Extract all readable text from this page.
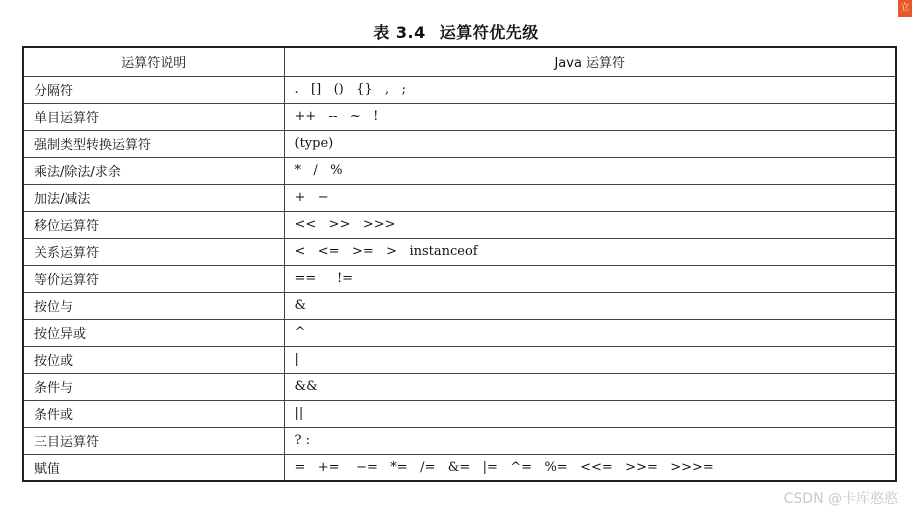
立
表 3.4 运算符优先级
运算符说明	Java 运算符
分隔符	.   []   ()   {}   ,   ;
单目运算符	++   --   ~   !
强制类型转换运算符	(type)
乘法/除法/求余	*   /   %
加法/减法	+   −
移位运算符	<<   >>   >>>
关系运算符	<   <=   >=   >   instanceof
等价运算符	==     !=
按位与	&
按位异或	^
按位或	|
条件与	&&
条件或	||
三目运算符	? :
赋值	=   +=    −=   *=   /=   &=   |=   ^=   %=   <<=   >>=   >>>=
CSDN @卡库憨憨
